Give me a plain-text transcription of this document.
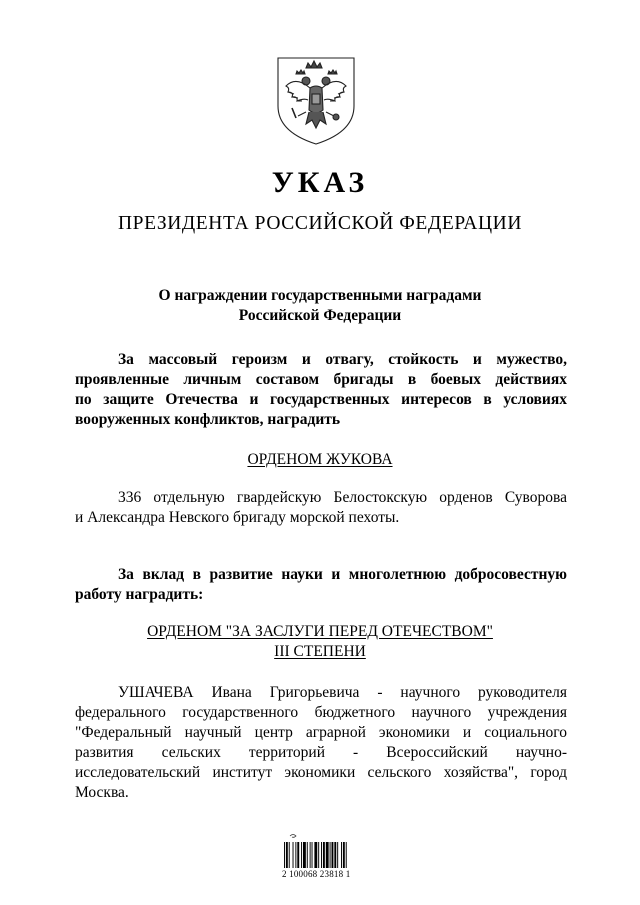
УКАЗ
ПРЕЗИДЕНТА РОССИЙСКОЙ ФЕДЕРАЦИИ
О награждении государственными наградами
Российской Федерации
За массовый героизм и отвагу, стойкость и мужество,
проявленные личным составом бригады в боевых действиях
по защите Отечества и государственных интересов в условиях
вооруженных конфликтов, наградить
ОРДЕНОМ ЖУКОВА
336 отдельную гвардейскую Белостокскую орденов Суворова
и Александра Невского бригаду морской пехоты.
За вклад в развитие науки и многолетнюю добросовестную
работу наградить:
ОРДЕНОМ "ЗА ЗАСЛУГИ ПЕРЕД ОТЕЧЕСТВОМ"
III СТЕПЕНИ
УШАЧЕВА Ивана Григорьевича - научного руководителя
федерального государственного бюджетного научного учреждения
"Федеральный научный центр аграрной экономики и социального
развития сельских территорий - Всероссийский научно-
исследовательский институт экономики сельского хозяйства", город
Москва.
2 100068 23818 1
